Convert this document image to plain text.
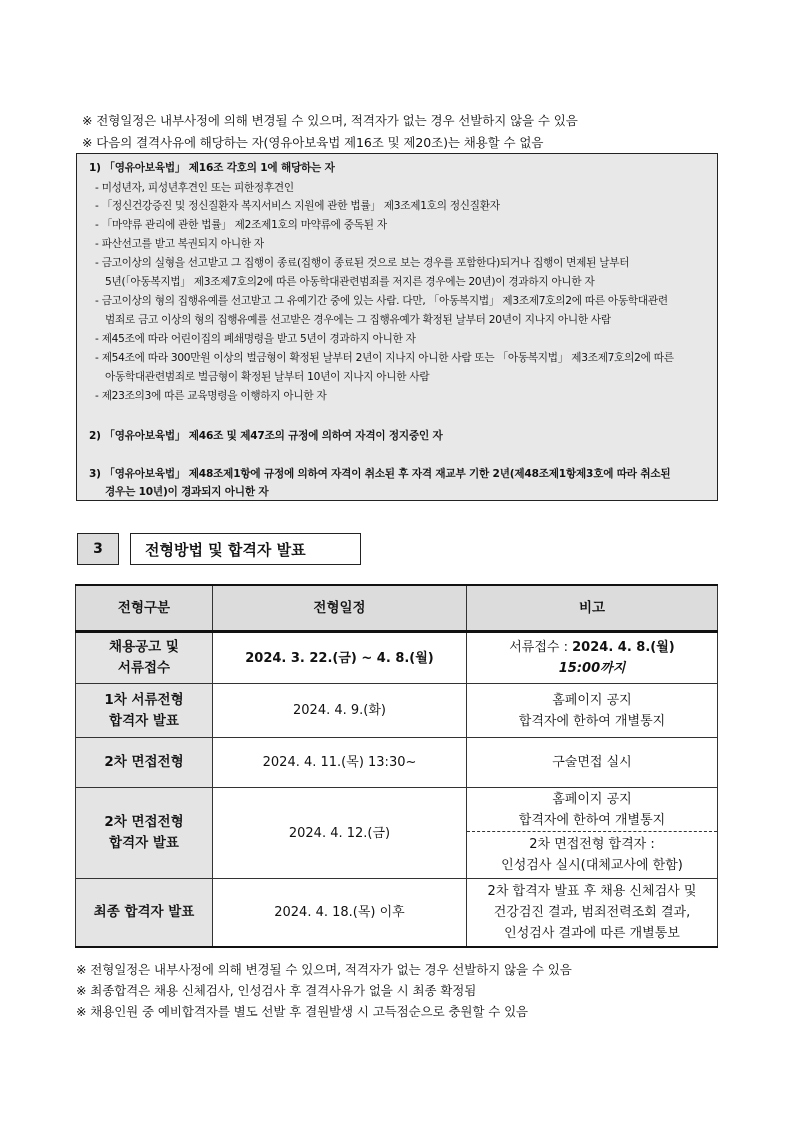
※ 전형일정은 내부사정에 의해 변경될 수 있으며, 적격자가 없는 경우 선발하지 않을 수 있음
※ 다음의 결격사유에 해당하는 자(영유아보육법 제16조 및 제20조)는 채용할 수 없음
1) 「영유아보육법」 제16조 각호의 1에 해당하는 자
- 미성년자, 피성년후견인 또는 피한정후견인
- 「정신건강증진 및 정신질환자 복지서비스 지원에 관한 법률」 제3조제1호의 정신질환자
- 「마약류 관리에 관한 법률」 제2조제1호의 마약류에 중독된 자
- 파산선고를 받고 복권되지 아니한 자
- 금고이상의 실형을 선고받고 그 집행이 종료(집행이 종료된 것으로 보는 경우를 포함한다)되거나 집행이 면제된 날부터
5년(「아동복지법」 제3조제7호의2에 따른 아동학대관련범죄를 저지른 경우에는 20년)이 경과하지 아니한 자
- 금고이상의 형의 집행유예를 선고받고 그 유예기간 중에 있는 사람. 다만, 「아동복지법」 제3조제7호의2에 따른 아동학대관련
범죄로 금고 이상의 형의 집행유예를 선고받은 경우에는 그 집행유예가 확정된 날부터 20년이 지나지 아니한 사람
- 제45조에 따라 어린이집의 폐쇄명령을 받고 5년이 경과하지 아니한 자
- 제54조에 따라 300만원 이상의 벌금형이 확정된 날부터 2년이 지나지 아니한 사람 또는 「아동복지법」 제3조제7호의2에 따른
아동학대관련범죄로 벌금형이 확정된 날부터 10년이 지나지 아니한 사람
- 제23조의3에 따른 교육명령을 이행하지 아니한 자
2) 「영유아보육법」 제46조 및 제47조의 규정에 의하여 자격이 정지중인 자
3) 「영유아보육법」 제48조제1항에 규정에 의하여 자격이 취소된 후 자격 재교부 기한 2년(제48조제1항제3호에 따라 취소된
경우는 10년)이 경과되지 아니한 자
3	전형방법 및 합격자 발표
전형구분	전형일정	비고
채용공고 및
서류접수	2024. 3. 22.(금) ~ 4. 8.(월)	서류접수 : 2024. 4. 8.(월)
15:00까지
1차 서류전형
합격자 발표	2024. 4. 9.(화)	홈페이지 공지
합격자에 한하여 개별통지
2차 면접전형	2024. 4. 11.(목) 13:30~	구술면접 실시
2차 면접전형
합격자 발표	2024. 4. 12.(금)	홈페이지 공지
합격자에 한하여 개별통지
		2차 면접전형 합격자 :
인성검사 실시(대체교사에 한함)
최종 합격자 발표	2024. 4. 18.(목) 이후	2차 합격자 발표 후 채용 신체검사 및
건강검진 결과, 범죄전력조회 결과,
인성검사 결과에 따른 개별통보
※ 전형일정은 내부사정에 의해 변경될 수 있으며, 적격자가 없는 경우 선발하지 않을 수 있음
※ 최종합격은 채용 신체검사, 인성검사 후 결격사유가 없을 시 최종 확정됨
※ 채용인원 중 예비합격자를 별도 선발 후 결원발생 시 고득점순으로 충원할 수 있음
